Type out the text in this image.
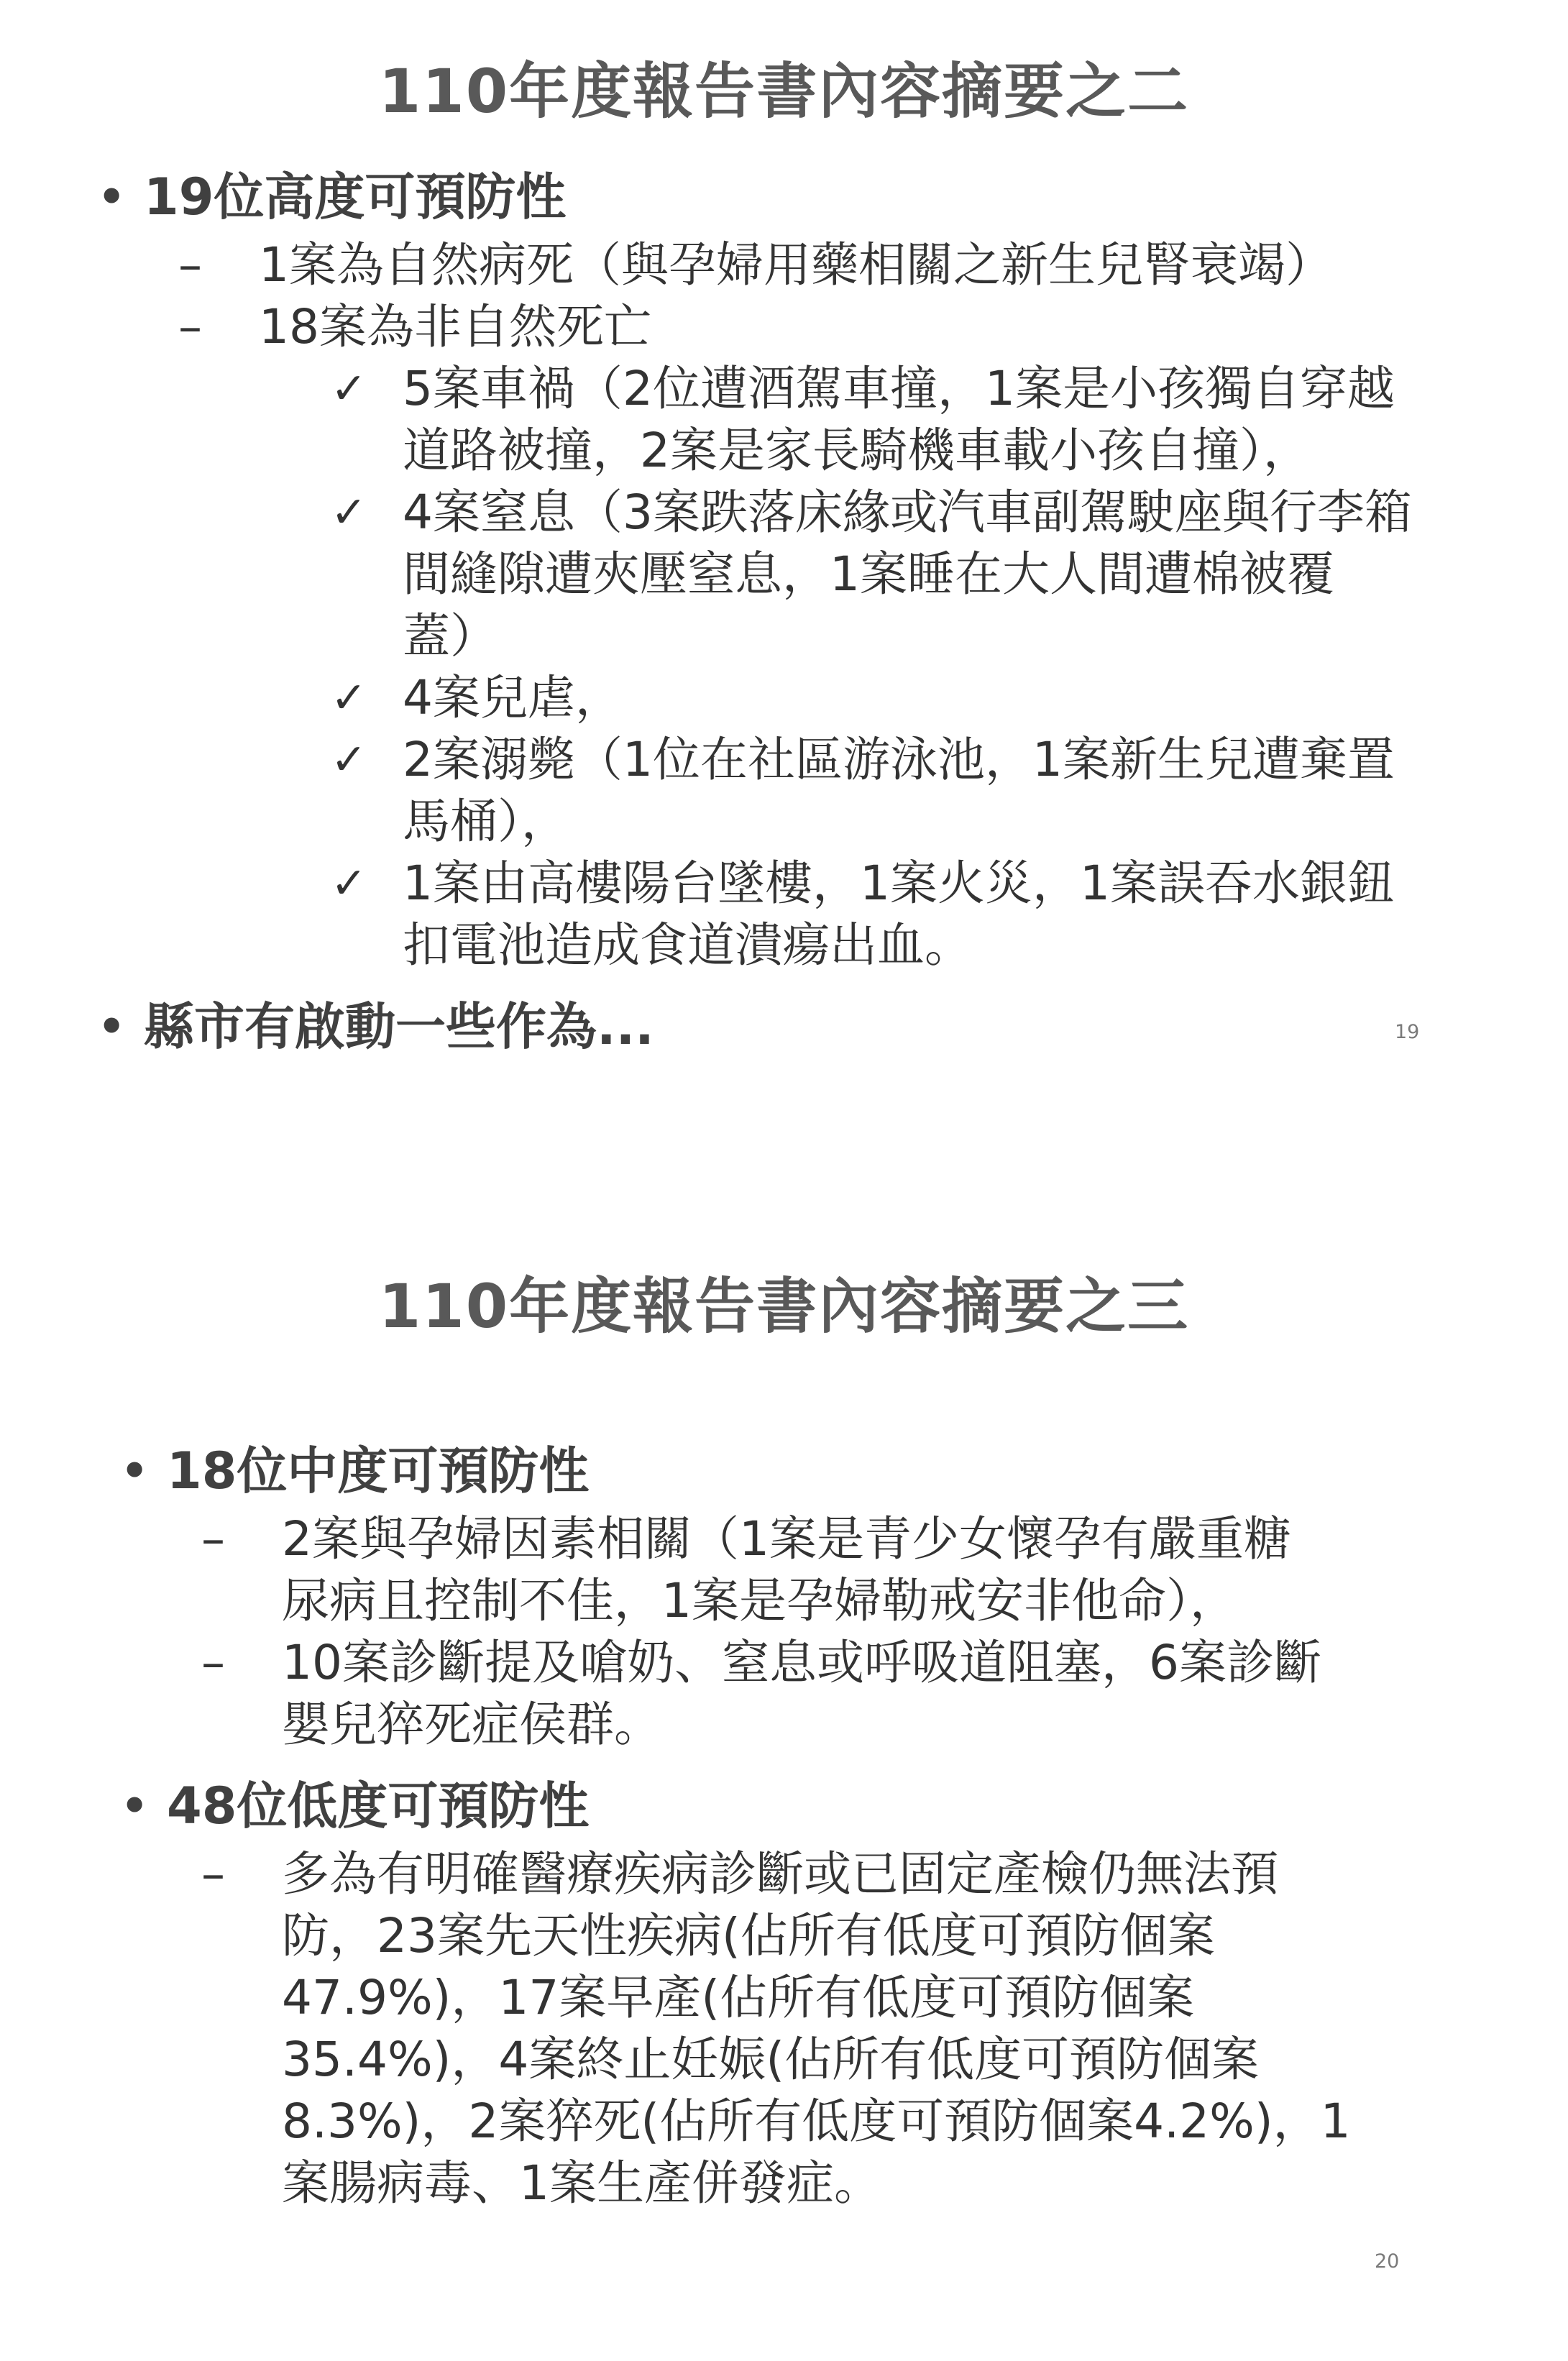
110年度報告書內容摘要之二
• 19位高度可預防性
– 1案為自然病死（與孕婦用藥相關之新生兒腎衰竭）
– 18案為非自然死亡
✓ 5案車禍（2位遭酒駕車撞，1案是小孩獨自穿越
道路被撞，2案是家長騎機車載小孩自撞），
✓ 4案窒息（3案跌落床緣或汽車副駕駛座與行李箱
間縫隙遭夾壓窒息，1案睡在大人間遭棉被覆
蓋）
✓ 4案兒虐，
✓ 2案溺斃（1位在社區游泳池，1案新生兒遭棄置
馬桶），
✓ 1案由高樓陽台墜樓，1案火災，1案誤吞水銀鈕
扣電池造成食道潰瘍出血。
• 縣市有啟動一些作為...	19
110年度報告書內容摘要之三
• 18位中度可預防性
– 2案與孕婦因素相關（1案是青少女懷孕有嚴重糖
尿病且控制不佳，1案是孕婦勒戒安非他命），
– 10案診斷提及嗆奶、窒息或呼吸道阻塞，6案診斷
嬰兒猝死症侯群。
• 48位低度可預防性
– 多為有明確醫療疾病診斷或已固定產檢仍無法預
防，23案先天性疾病(佔所有低度可預防個案
47.9%)，17案早產(佔所有低度可預防個案
35.4%)，4案終止妊娠(佔所有低度可預防個案
8.3%)，2案猝死(佔所有低度可預防個案4.2%)，1
案腸病毒、1案生產併發症。
20
